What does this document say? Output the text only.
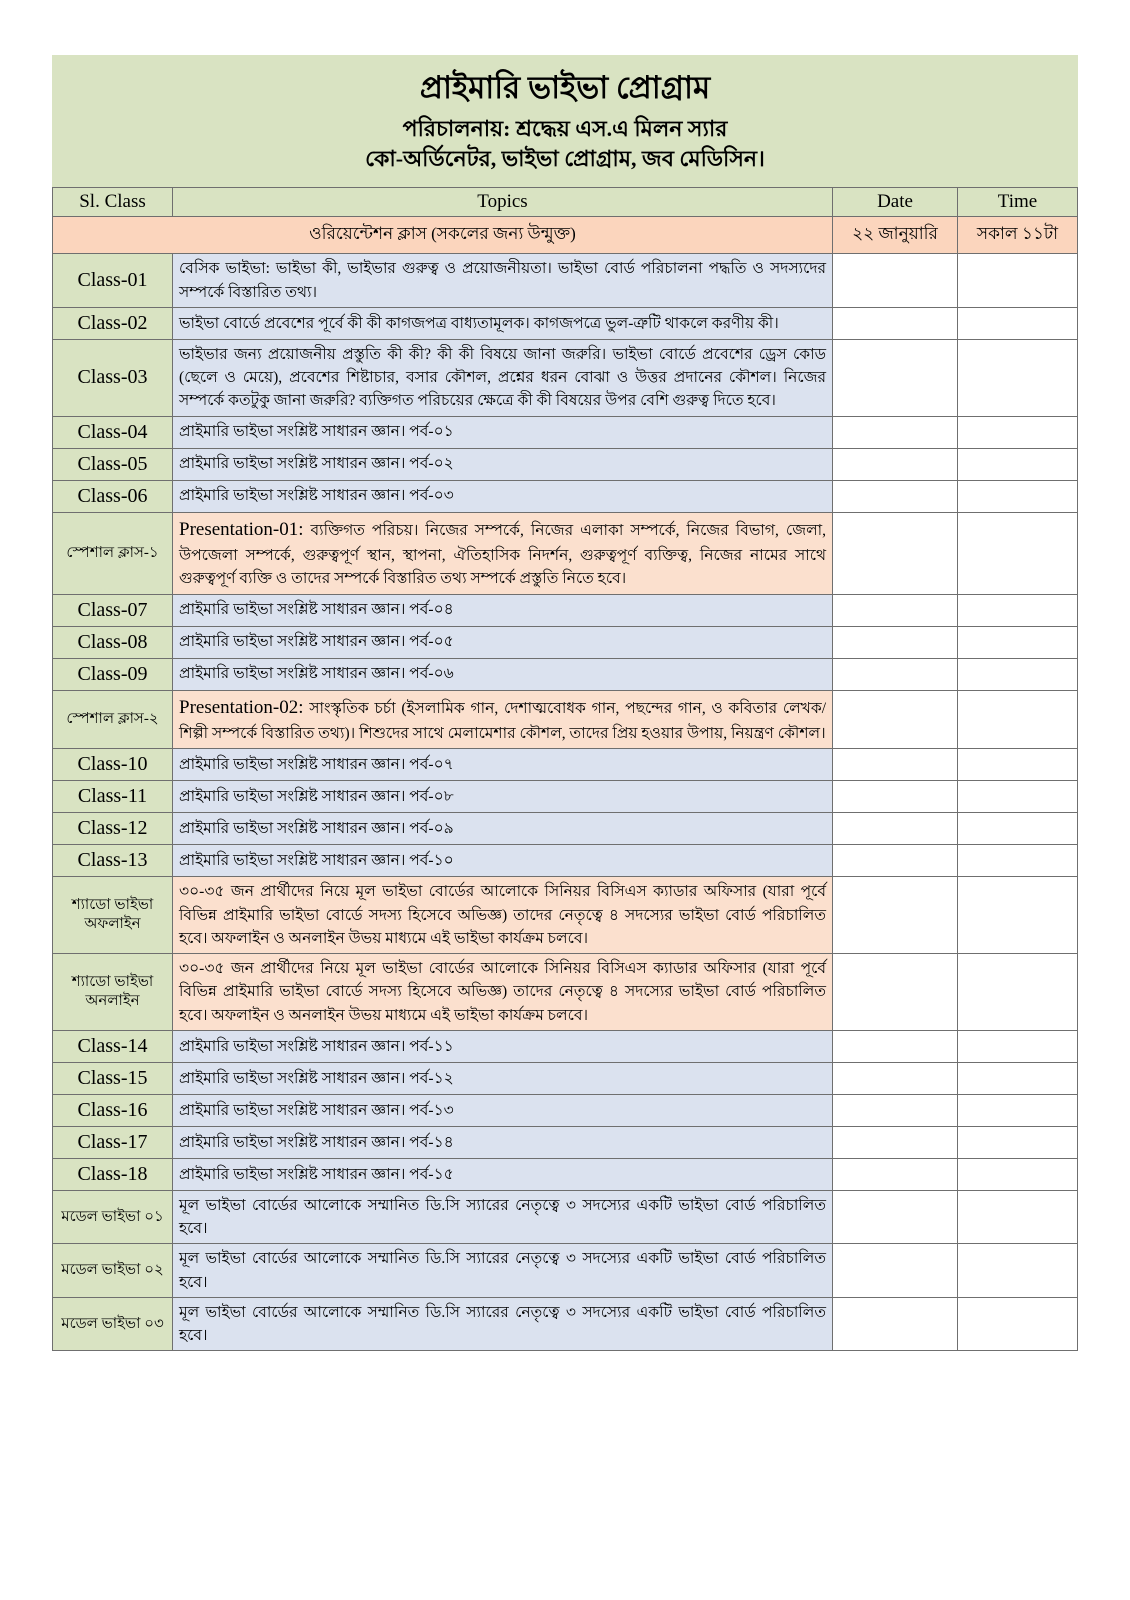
প্রাইমারি ভাইভা প্রোগ্রাম
পরিচালনায়: শ্রদ্ধেয় এস.এ মিলন স্যার
কো-অর্ডিনেটর, ভাইভা প্রোগ্রাম, জব মেডিসিন।
Sl. Class	Topics	Date	Time
ওরিয়েন্টেশন ক্লাস (সকলের জন্য উন্মুক্ত)		২২ জানুয়ারি	সকাল ১১টা
Class-01	বেসিক ভাইভা: ভাইভা কী, ভাইভার গুরুত্ব ও প্রয়োজনীয়তা। ভাইভা বোর্ড পরিচালনা পদ্ধতি ও সদস্যদের সম্পর্কে বিস্তারিত তথ্য।		
Class-02	ভাইভা বোর্ডে প্রবেশের পূর্বে কী কী কাগজপত্র বাধ্যতামূলক। কাগজপত্রে ভুল-ত্রুটি থাকলে করণীয় কী।		
Class-03	ভাইভার জন্য প্রয়োজনীয় প্রস্তুতি কী কী? কী কী বিষয়ে জানা জরুরি। ভাইভা বোর্ডে প্রবেশের ড্রেস কোড (ছেলে ও মেয়ে), প্রবেশের শিষ্টাচার, বসার কৌশল, প্রশ্নের ধরন বোঝা ও উত্তর প্রদানের কৌশল। নিজের সম্পর্কে কতটুকু জানা জরুরি? ব্যক্তিগত পরিচয়ের ক্ষেত্রে কী কী বিষয়ের উপর বেশি গুরুত্ব দিতে হবে।		
Class-04	প্রাইমারি ভাইভা সংশ্লিষ্ট সাধারন জ্ঞান। পর্ব-০১		
Class-05	প্রাইমারি ভাইভা সংশ্লিষ্ট সাধারন জ্ঞান। পর্ব-০২		
Class-06	প্রাইমারি ভাইভা সংশ্লিষ্ট সাধারন জ্ঞান। পর্ব-০৩		
স্পেশাল ক্লাস-১	Presentation-01: ব্যক্তিগত পরিচয়। নিজের সম্পর্কে, নিজের এলাকা সম্পর্কে, নিজের বিভাগ, জেলা, উপজেলা সম্পর্কে, গুরুত্বপূর্ণ স্থান, স্থাপনা, ঐতিহাসিক নিদর্শন, গুরুত্বপূর্ণ ব্যক্তিত্ব, নিজের নামের সাথে গুরুত্বপূর্ণ ব্যক্তি ও তাদের সম্পর্কে বিস্তারিত তথ্য সম্পর্কে প্রস্তুতি নিতে হবে।		
Class-07	প্রাইমারি ভাইভা সংশ্লিষ্ট সাধারন জ্ঞান। পর্ব-০৪		
Class-08	প্রাইমারি ভাইভা সংশ্লিষ্ট সাধারন জ্ঞান। পর্ব-০৫		
Class-09	প্রাইমারি ভাইভা সংশ্লিষ্ট সাধারন জ্ঞান। পর্ব-০৬		
স্পেশাল ক্লাস-২	Presentation-02: সাংস্কৃতিক চর্চা (ইসলামিক গান, দেশাত্মবোধক গান, পছন্দের গান, ও কবিতার লেখক/শিল্পী সম্পর্কে বিস্তারিত তথ্য)। শিশুদের সাথে মেলামেশার কৌশল, তাদের প্রিয় হওয়ার উপায়, নিয়ন্ত্রণ কৌশল।		
Class-10	প্রাইমারি ভাইভা সংশ্লিষ্ট সাধারন জ্ঞান। পর্ব-০৭		
Class-11	প্রাইমারি ভাইভা সংশ্লিষ্ট সাধারন জ্ঞান। পর্ব-০৮		
Class-12	প্রাইমারি ভাইভা সংশ্লিষ্ট সাধারন জ্ঞান। পর্ব-০৯		
Class-13	প্রাইমারি ভাইভা সংশ্লিষ্ট সাধারন জ্ঞান। পর্ব-১০		
শ্যাডো ভাইভা অফলাইন	৩০-৩৫ জন প্রার্থীদের নিয়ে মূল ভাইভা বোর্ডের আলোকে সিনিয়র বিসিএস ক্যাডার অফিসার (যারা পূর্বে বিভিন্ন প্রাইমারি ভাইভা বোর্ডে সদস্য হিসেবে অভিজ্ঞ) তাদের নেতৃত্বে ৪ সদস্যের ভাইভা বোর্ড পরিচালিত হবে। অফলাইন ও অনলাইন উভয় মাধ্যমে এই ভাইভা কার্যক্রম চলবে।		
শ্যাডো ভাইভা অনলাইন	৩০-৩৫ জন প্রার্থীদের নিয়ে মূল ভাইভা বোর্ডের আলোকে সিনিয়র বিসিএস ক্যাডার অফিসার (যারা পূর্বে বিভিন্ন প্রাইমারি ভাইভা বোর্ডে সদস্য হিসেবে অভিজ্ঞ) তাদের নেতৃত্বে ৪ সদস্যের ভাইভা বোর্ড পরিচালিত হবে। অফলাইন ও অনলাইন উভয় মাধ্যমে এই ভাইভা কার্যক্রম চলবে।		
Class-14	প্রাইমারি ভাইভা সংশ্লিষ্ট সাধারন জ্ঞান। পর্ব-১১		
Class-15	প্রাইমারি ভাইভা সংশ্লিষ্ট সাধারন জ্ঞান। পর্ব-১২		
Class-16	প্রাইমারি ভাইভা সংশ্লিষ্ট সাধারন জ্ঞান। পর্ব-১৩		
Class-17	প্রাইমারি ভাইভা সংশ্লিষ্ট সাধারন জ্ঞান। পর্ব-১৪		
Class-18	প্রাইমারি ভাইভা সংশ্লিষ্ট সাধারন জ্ঞান। পর্ব-১৫		
মডেল ভাইভা ০১	মূল ভাইভা বোর্ডের আলোকে সম্মানিত ডি.সি স্যারের নেতৃত্বে ৩ সদস্যের একটি ভাইভা বোর্ড পরিচালিত হবে।		
মডেল ভাইভা ০২	মূল ভাইভা বোর্ডের আলোকে সম্মানিত ডি.সি স্যারের নেতৃত্বে ৩ সদস্যের একটি ভাইভা বোর্ড পরিচালিত হবে।		
মডেল ভাইভা ০৩	মূল ভাইভা বোর্ডের আলোকে সম্মানিত ডি.সি স্যারের নেতৃত্বে ৩ সদস্যের একটি ভাইভা বোর্ড পরিচালিত হবে।		
